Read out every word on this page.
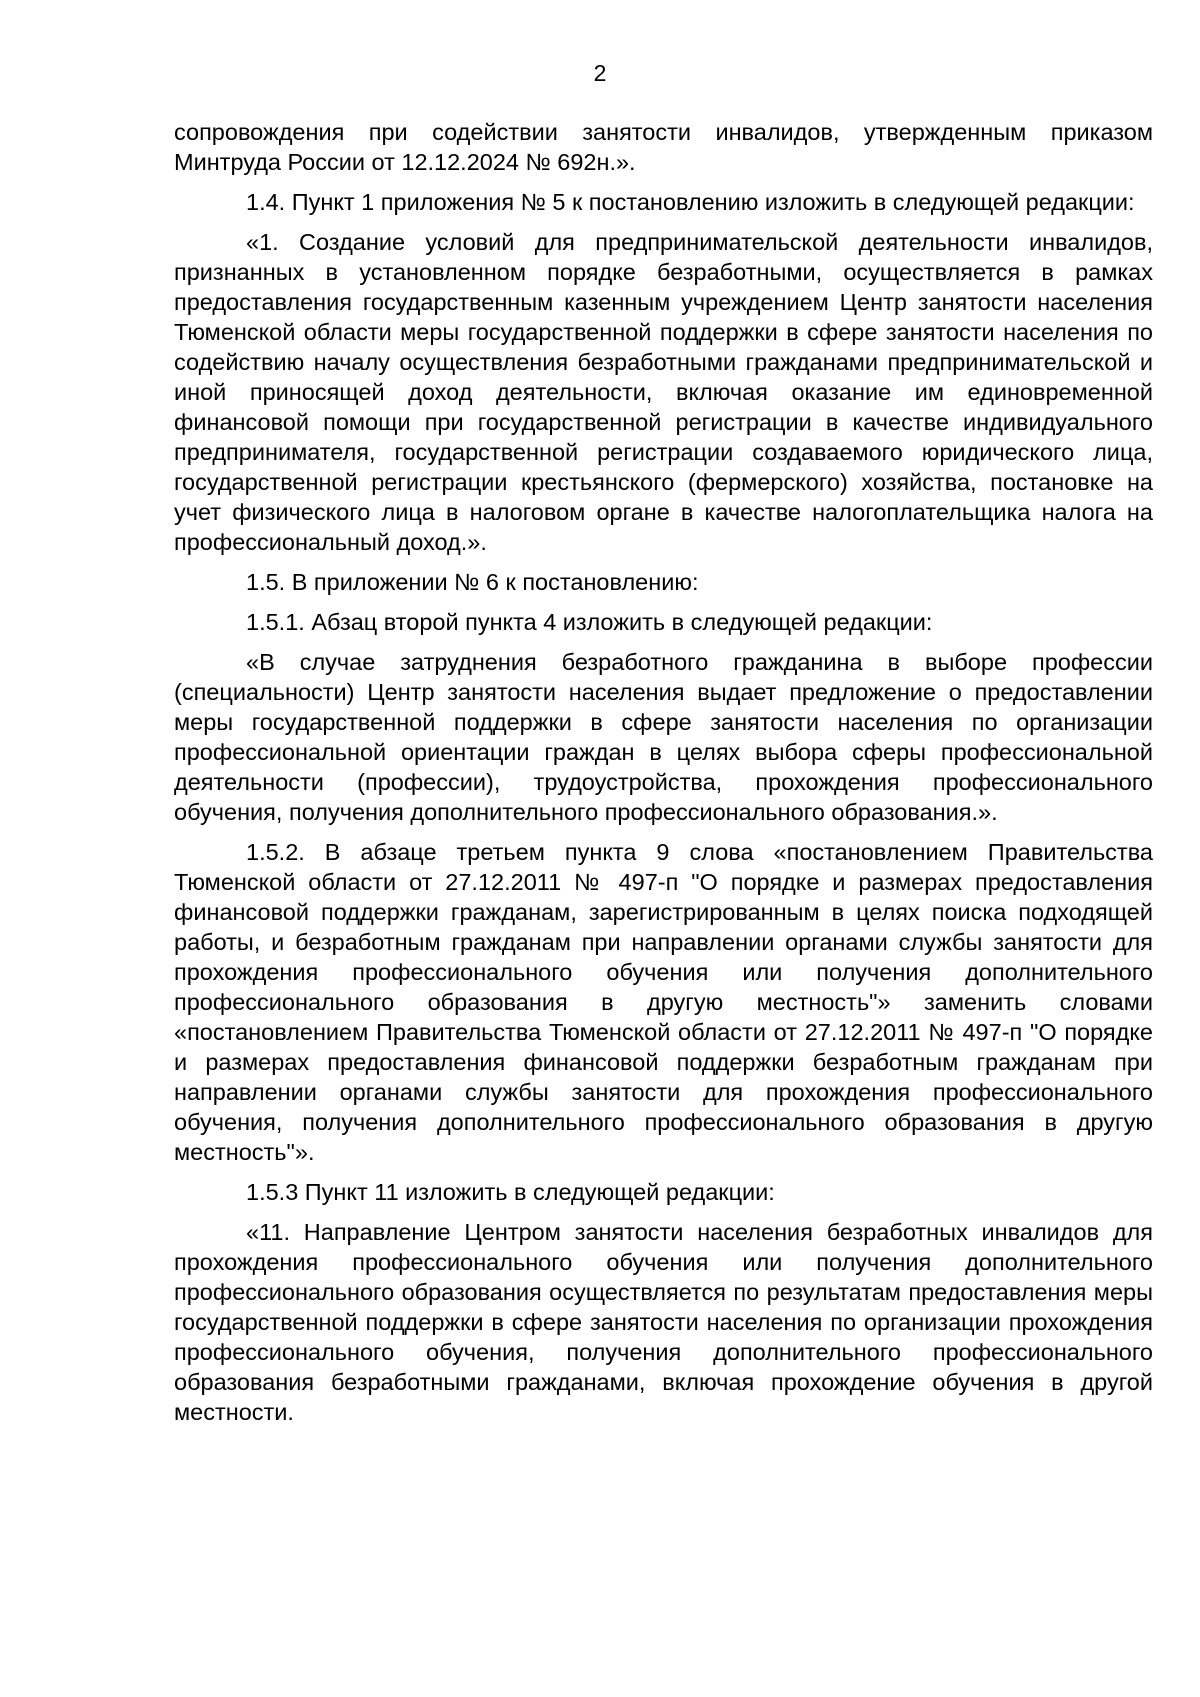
2

сопровождения при содействии занятости инвалидов, утвержденным приказом Минтруда России от 12.12.2024 № 692н.».

1.4. Пункт 1 приложения № 5 к постановлению изложить в следующей редакции:

«1. Создание условий для предпринимательской деятельности инвалидов, признанных в установленном порядке безработными, осуществляется в рамках предоставления государственным казенным учреждением Центр занятости населения Тюменской области меры государственной поддержки в сфере занятости населения по содействию началу осуществления безработными гражданами предпринимательской и иной приносящей доход деятельности, включая оказание им единовременной финансовой помощи при государственной регистрации в качестве индивидуального предпринимателя, государственной регистрации создаваемого юридического лица, государственной регистрации крестьянского (фермерского) хозяйства, постановке на учет физического лица в налоговом органе в качестве налогоплательщика налога на профессиональный доход.».

1.5. В приложении № 6 к постановлению:

1.5.1. Абзац второй пункта 4 изложить в следующей редакции:

«В случае затруднения безработного гражданина в выборе профессии (специальности) Центр занятости населения выдает предложение о предоставлении меры государственной поддержки в сфере занятости населения по организации профессиональной ориентации граждан в целях выбора сферы профессиональной деятельности (профессии), трудоустройства, прохождения профессионального обучения, получения дополнительного профессионального образования.».

1.5.2. В абзаце третьем пункта 9 слова «постановлением Правительства Тюменской области от 27.12.2011 № 497-п "О порядке и размерах предоставления финансовой поддержки гражданам, зарегистрированным в целях поиска подходящей работы, и безработным гражданам при направлении органами службы занятости для прохождения профессионального обучения или получения дополнительного профессионального образования в другую местность"» заменить словами «постановлением Правительства Тюменской области от 27.12.2011 № 497-п "О порядке и размерах предоставления финансовой поддержки безработным гражданам при направлении органами службы занятости для прохождения профессионального обучения, получения дополнительного профессионального образования в другую местность"».

1.5.3 Пункт 11 изложить в следующей редакции:

«11. Направление Центром занятости населения безработных инвалидов для прохождения профессионального обучения или получения дополнительного профессионального образования осуществляется по результатам предоставления меры государственной поддержки в сфере занятости населения по организации прохождения профессионального обучения, получения дополнительного профессионального образования безработными гражданами, включая прохождение обучения в другой местности.
